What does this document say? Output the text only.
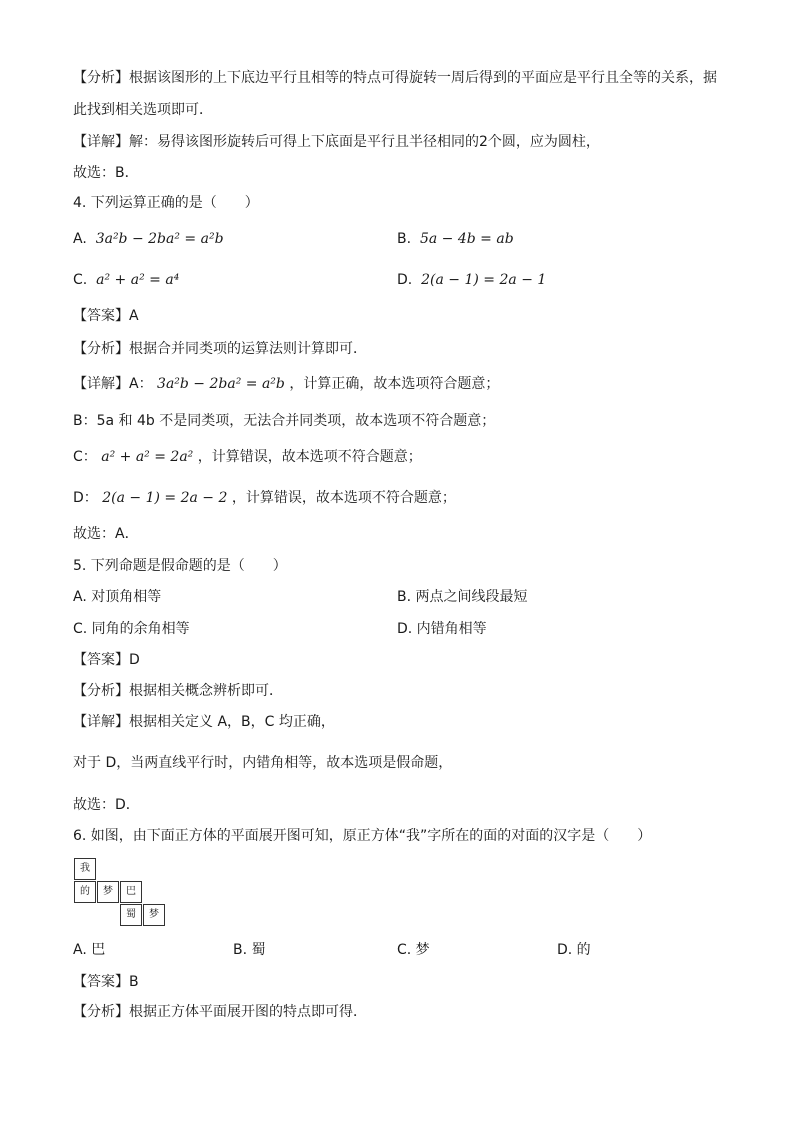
【分析】根据该图形的上下底边平行且相等的特点可得旋转一周后得到的平面应是平行且全等的关系，据
此找到相关选项即可．
【详解】解：易得该图形旋转后可得上下底面是平行且半径相同的2个圆，应为圆柱，
故选：B．
4. 下列运算正确的是（　　）
A. 3a²b − 2ba² = a²b	B. 5a − 4b = ab
C. a² + a² = a⁴	D. 2(a − 1) = 2a − 1
【答案】A
【分析】根据合并同类项的运算法则计算即可．
【详解】A： 3a²b − 2ba² = a²b ，计算正确，故本选项符合题意；
B：5a 和 4b 不是同类项，无法合并同类项，故本选项不符合题意；
C： a² + a² = 2a² ，计算错误，故本选项不符合题意；
D： 2(a − 1) = 2a − 2 ，计算错误，故本选项不符合题意；
故选：A．
5. 下列命题是假命题的是（　　）
A. 对顶角相等	B. 两点之间线段最短
C. 同角的余角相等	D. 内错角相等
【答案】D
【分析】根据相关概念辨析即可．
【详解】根据相关定义 A，B，C 均正确，
对于 D，当两直线平行时，内错角相等，故本选项是假命题，
故选：D．
6. 如图，由下面正方体的平面展开图可知，原正方体“我”字所在的面的对面的汉字是（　　）
我
的	梦	巴
蜀	梦
A. 巴	B. 蜀	C. 梦	D. 的
【答案】B
【分析】根据正方体平面展开图的特点即可得．
